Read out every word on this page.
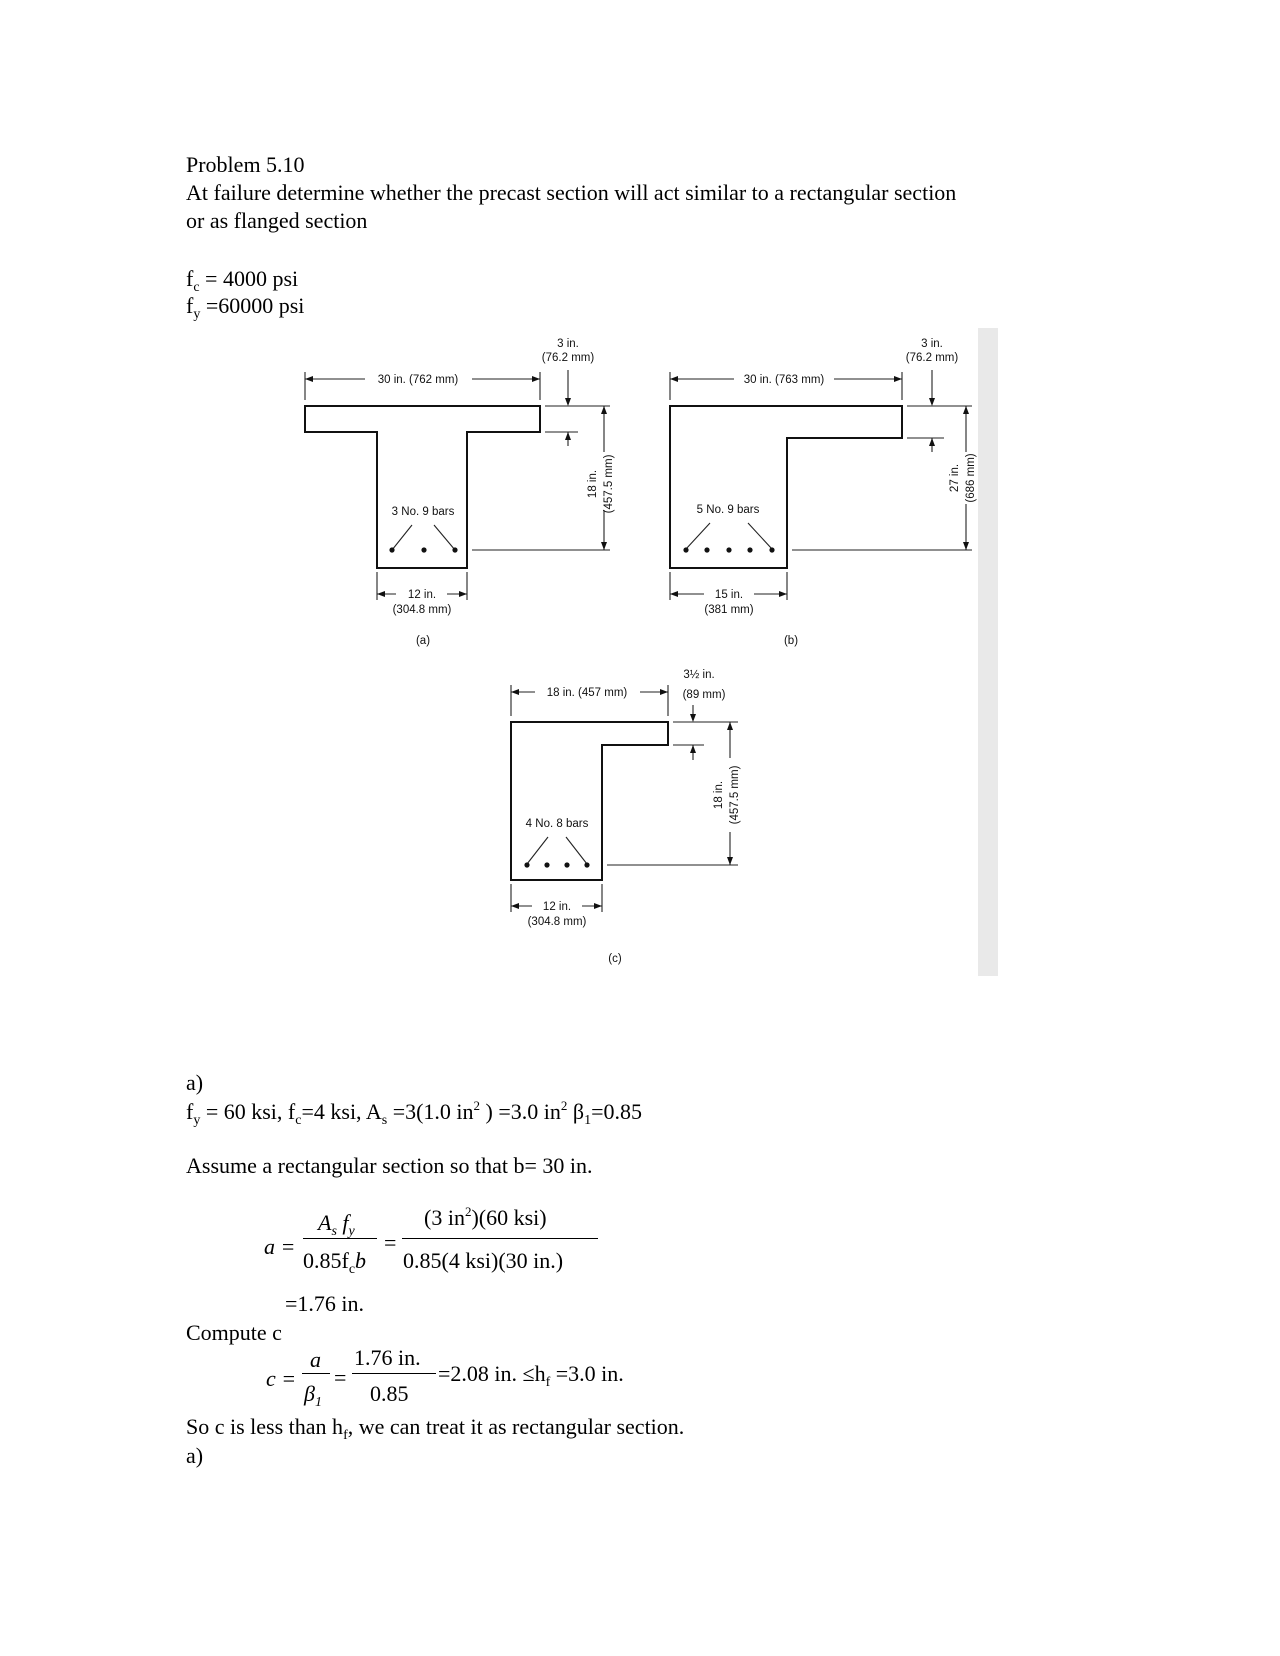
Problem 5.10
At failure determine whether the precast section will act similar to a rectangular section
or as flanged section
$f_c = 4000$ psi
$f_y =60000$ psi
30 in. (762 mm)
3 in.
(76.2 mm)
18 in. (457.5 mm)
3 No. 9 bars
12 in.
(304.8 mm)
(a)
30 in. (763 mm)
3 in.
(76.2 mm)
27 in. (686 mm)
5 No. 9 bars
15 in.
(381 mm)
(b)
18 in. (457 mm)
3½ in.
(89 mm)
18 in. (457.5 mm)
4 No. 8 bars
12 in.
(304.8 mm)
(c)
a)
$f_y = 60$ ksi, $f_c=4$ ksi, $A_s =3(1.0$ $in^2$ ) =3.0 $in^2$ $\beta_1=0.85$
Assume a rectangular section so that b= 30 in.
a =
$A_s$ $f_y$
$0.85f_cb$
=
(3 $in^2)(60$ ksi)
0.85(4 ksi)(30 in.)
=1.76 in.
Compute c
c =
a
$\beta_1$
=
1.76 in.
0.85
=2.08 in. $\le h_f =3.0$ in.
So c is less than $h_f$, we can treat it as rectangular section.
a)
